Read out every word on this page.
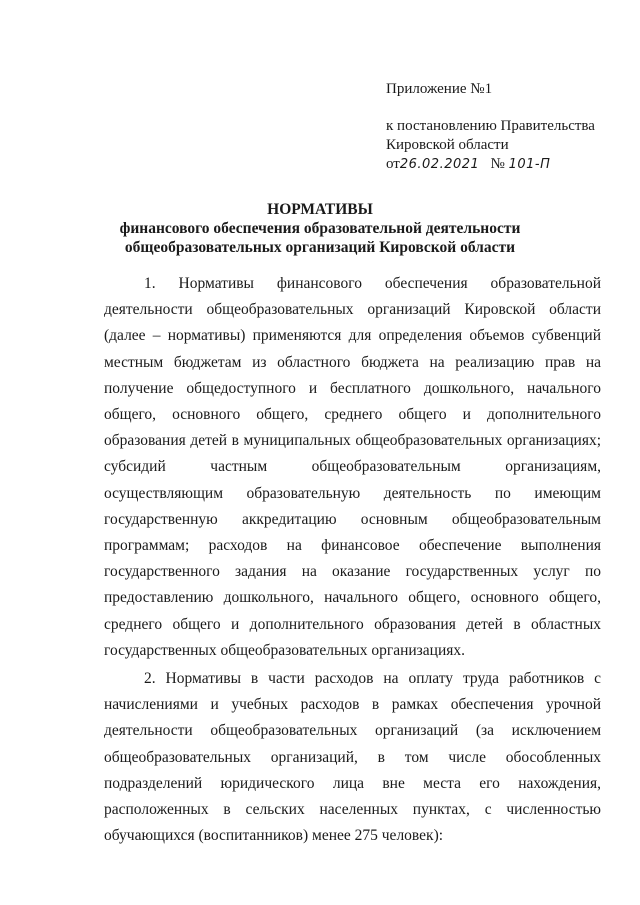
Приложение №1
к постановлению Правительства
Кировской области
от26.02.2021 № 101-П
НОРМАТИВЫ
финансового обеспечения образовательной деятельности
общеобразовательных организаций Кировской области

1. Нормативы финансового обеспечения образовательной деятельности общеобразовательных организаций Кировской области (далее – нормативы) применяются для определения объемов субвенций местным бюджетам из областного бюджета на реализацию прав на получение общедоступного и бесплатного дошкольного, начального общего, основного общего, среднего общего и дополнительного образования детей в муниципальных общеобразовательных организациях; субсидий частным общеобразовательным организациям, осуществляющим образовательную деятельность по имеющим государственную аккредитацию основным общеобразовательным программам; расходов на финансовое обеспечение выполнения государственного задания на оказание государственных услуг по предоставлению дошкольного, начального общего, основного общего, среднего общего и дополнительного образования детей в областных государственных общеобразовательных организациях.

2. Нормативы в части расходов на оплату труда работников с начислениями и учебных расходов в рамках обеспечения урочной деятельности общеобразовательных организаций (за исключением общеобразовательных организаций, в том числе обособленных подразделений юридического лица вне места его нахождения, расположенных в сельских населенных пунктах, с численностью обучающихся (воспитанников) менее 275 человек):
